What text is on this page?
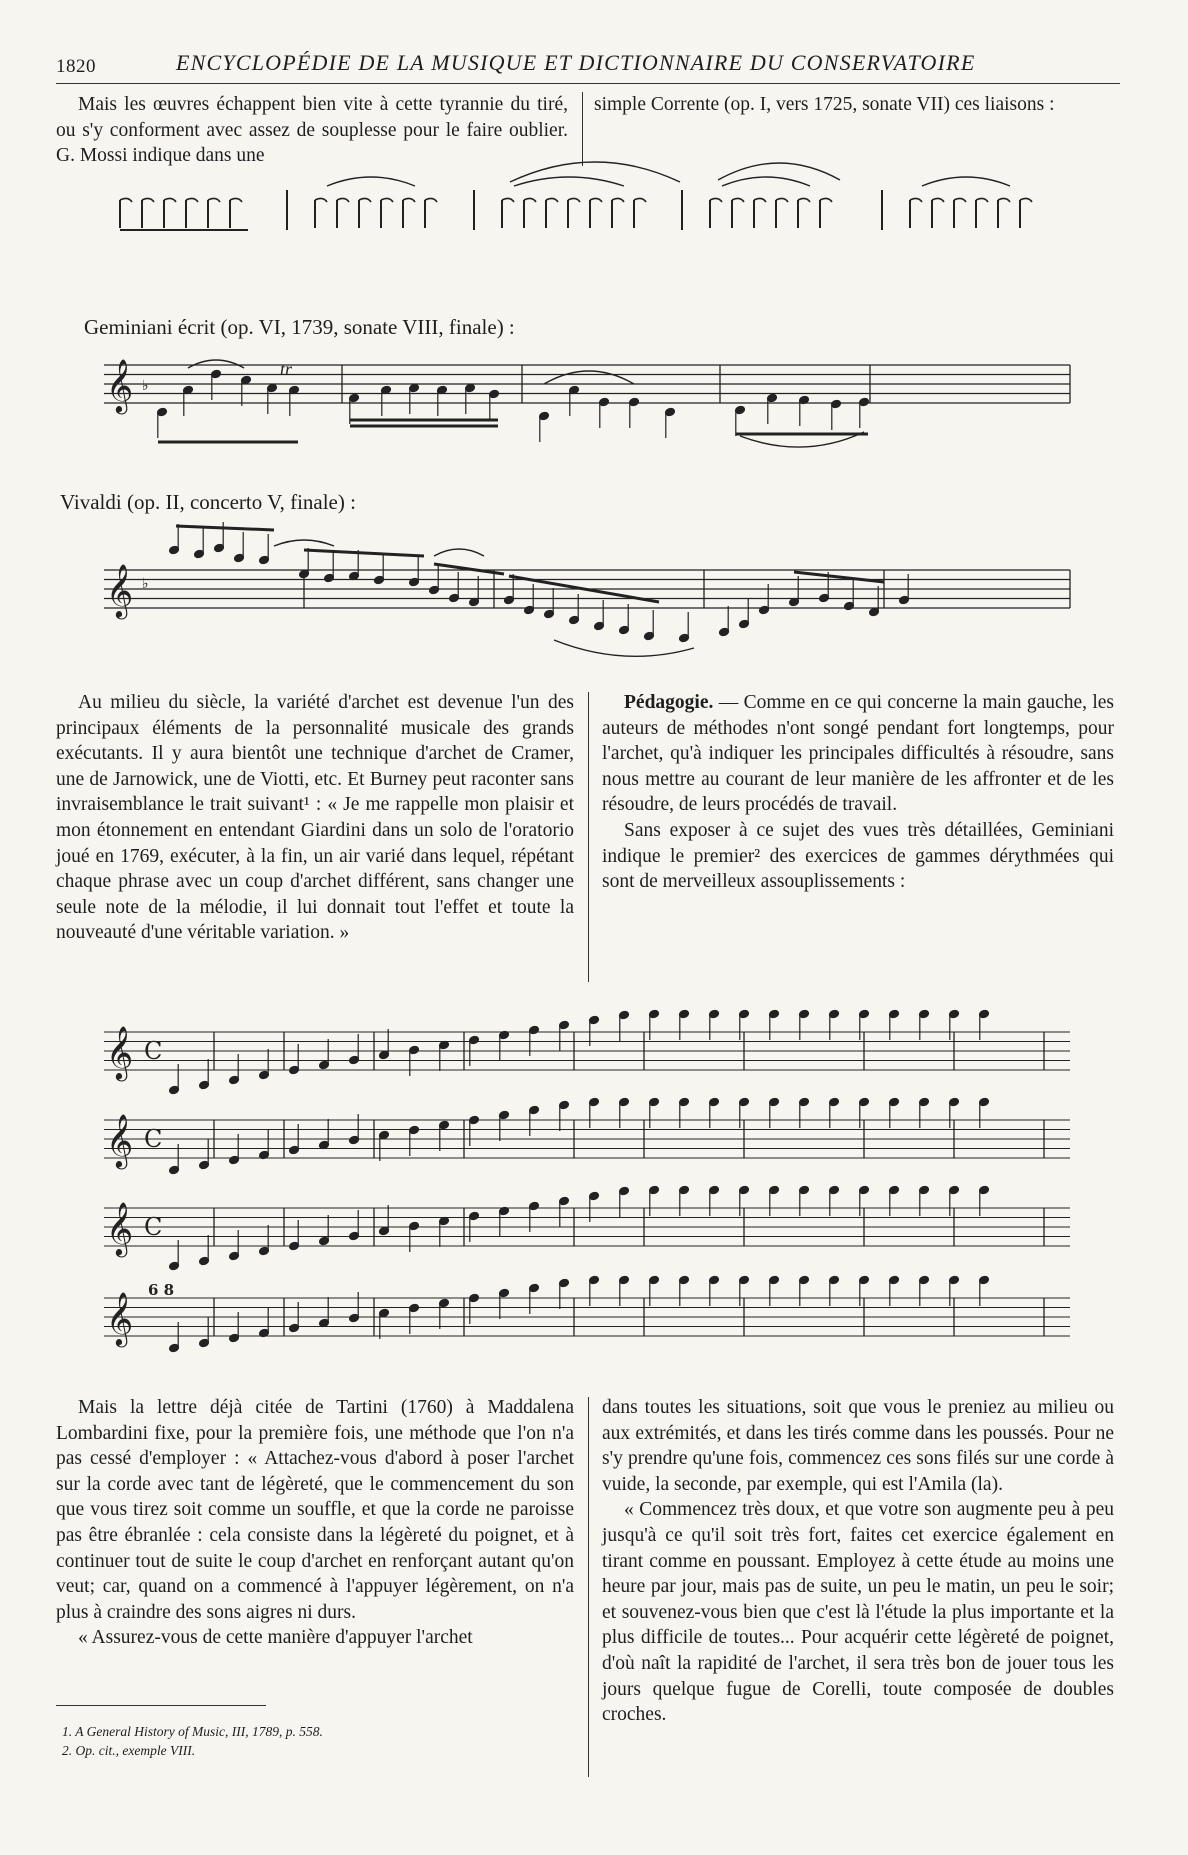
1820	ENCYCLOPÉDIE DE LA MUSIQUE ET DICTIONNAIRE DU CONSERVATOIRE

Mais les œuvres échappent bien vite à cette tyrannie du tiré, ou s'y conforment avec assez de souplesse pour le faire oublier. G. Mossi indique dans une

simple Corrente (op. I, vers 1725, sonate VII) ces liaisons :

Geminiani écrit (op. VI, 1739, sonate VIII, finale) :
♭
tr
𝄞
Vivaldi (op. II, concerto V, finale) :
♭
𝄞

Au milieu du siècle, la variété d'archet est devenue l'un des principaux éléments de la personnalité musicale des grands exécutants. Il y aura bientôt une technique d'archet de Cramer, une de Jarnowick, une de Viotti, etc. Et Burney peut raconter sans invraisemblance le trait suivant¹ : « Je me rappelle mon plaisir et mon étonnement en entendant Giardini dans un solo de l'oratorio joué en 1769, exécuter, à la fin, un air varié dans lequel, répétant chaque phrase avec un coup d'archet différent, sans changer une seule note de la mélodie, il lui donnait tout l'effet et toute la nouveauté d'une véritable variation. »

Pédagogie. — Comme en ce qui concerne la main gauche, les auteurs de méthodes n'ont songé pendant fort longtemps, pour l'archet, qu'à indiquer les principales difficultés à résoudre, sans nous mettre au courant de leur manière de les affronter et de les résoudre, de leurs procédés de travail.

Sans exposer à ce sujet des vues très détaillées, Geminiani indique le premier² des exercices de gammes dérythmées qui sont de merveilleux assouplissements :

6 8
𝄞
𝄞
𝄞
𝄞
C
C
C

Mais la lettre déjà citée de Tartini (1760) à Maddalena Lombardini fixe, pour la première fois, une méthode que l'on n'a pas cessé d'employer : « Attachez-vous d'abord à poser l'archet sur la corde avec tant de légèreté, que le commencement du son que vous tirez soit comme un souffle, et que la corde ne paroisse pas être ébranlée : cela consiste dans la légèreté du poignet, et à continuer tout de suite le coup d'archet en renforçant autant qu'on veut; car, quand on a commencé à l'appuyer légèrement, on n'a plus à craindre des sons aigres ni durs.

« Assurez-vous de cette manière d'appuyer l'archet

1. A General History of Music, III, 1789, p. 558.
2. Op. cit., exemple VIII.

dans toutes les situations, soit que vous le preniez au milieu ou aux extrémités, et dans les tirés comme dans les poussés. Pour ne s'y prendre qu'une fois, commencez ces sons filés sur une corde à vuide, la seconde, par exemple, qui est l'Amila (la).

« Commencez très doux, et que votre son augmente peu à peu jusqu'à ce qu'il soit très fort, faites cet exercice également en tirant comme en poussant. Employez à cette étude au moins une heure par jour, mais pas de suite, un peu le matin, un peu le soir; et souvenez-vous bien que c'est là l'étude la plus importante et la plus difficile de toutes... Pour acquérir cette légèreté de poignet, d'où naît la rapidité de l'archet, il sera très bon de jouer tous les jours quelque fugue de Corelli, toute composée de doubles croches.
